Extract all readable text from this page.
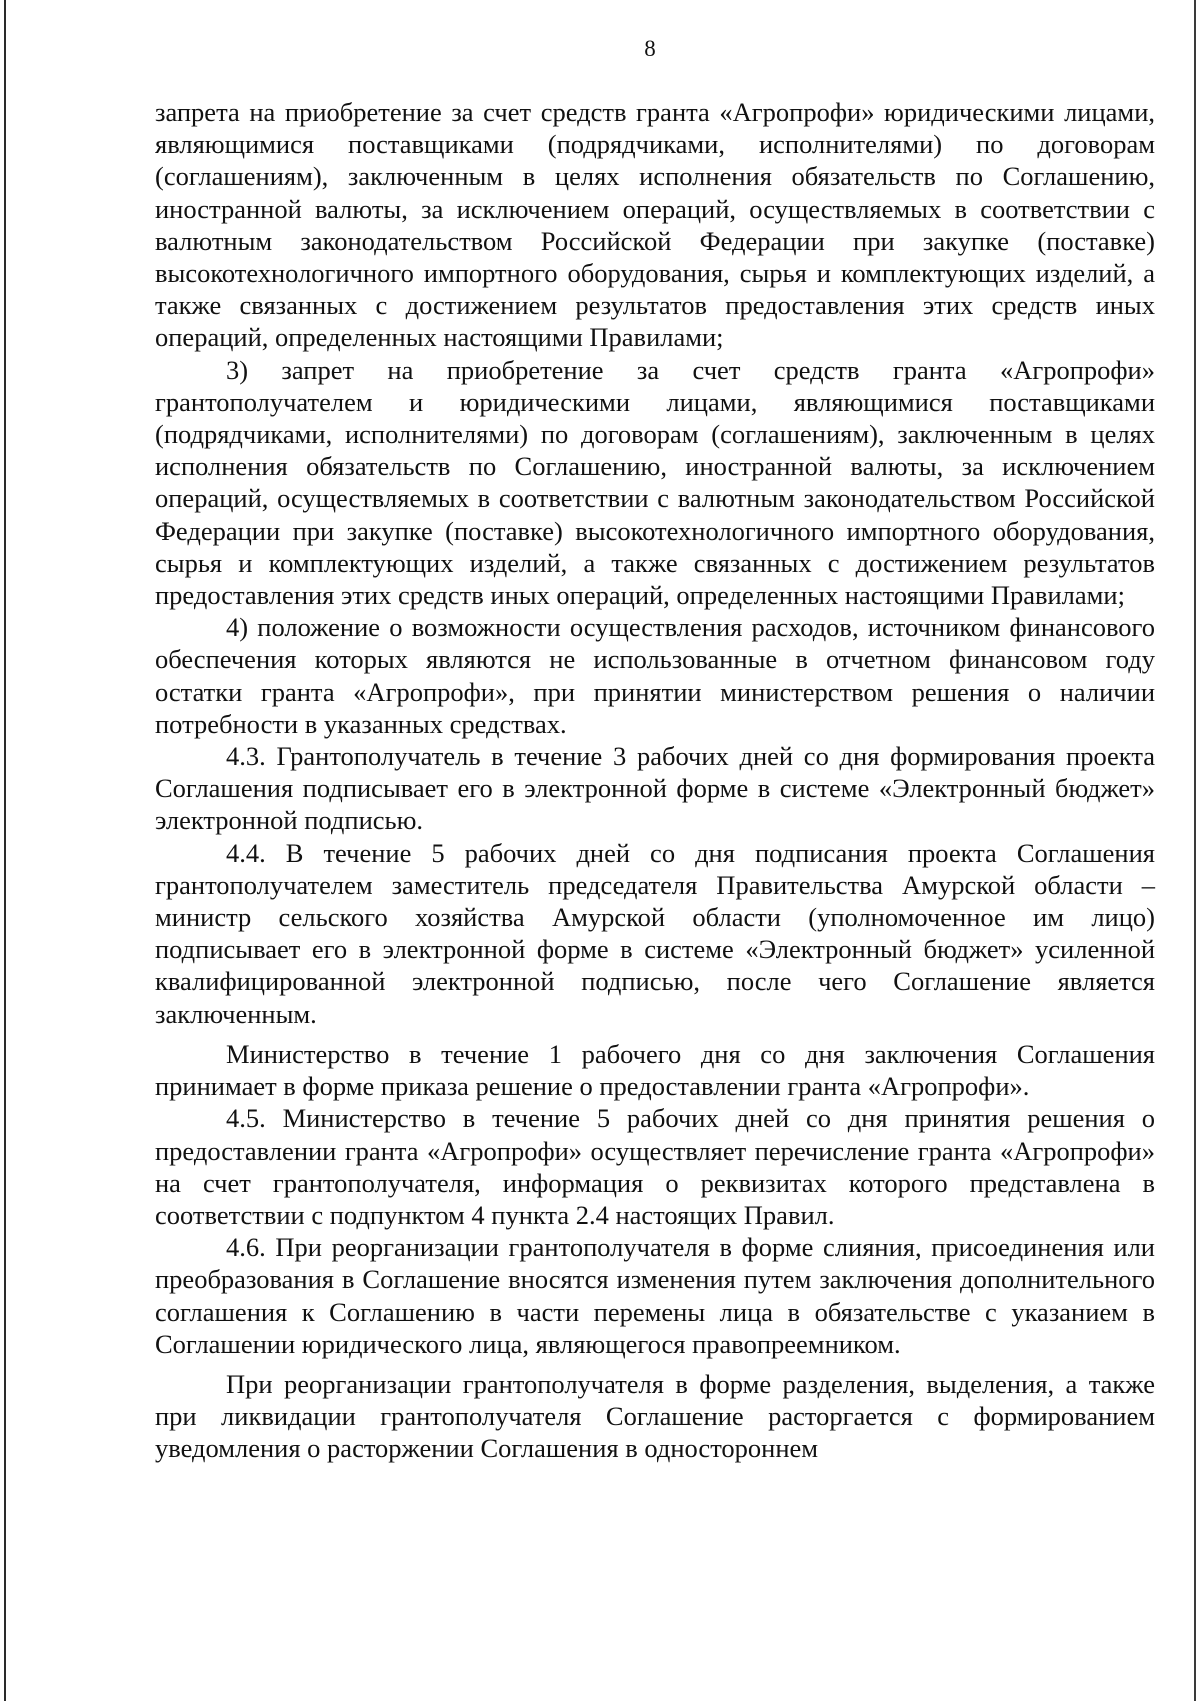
8

запрета на приобретение за счет средств гранта «Агропрофи» юридическими лицами, являющимися поставщиками (подрядчиками, исполнителями) по договорам (соглашениям), заключенным в целях исполнения обязательств по Соглашению, иностранной валюты, за исключением операций, осуществляемых в соответствии с валютным законодательством Российской Федерации при закупке (поставке) высокотехнологичного импортного оборудования, сырья и комплектующих изделий, а также связанных с достижением результатов предоставления этих средств иных операций, определенных настоящими Правилами;

3) запрет на приобретение за счет средств гранта «Агропрофи» грантополучателем и юридическими лицами, являющимися поставщиками (подрядчиками, исполнителями) по договорам (соглашениям), заключенным в целях исполнения обязательств по Соглашению, иностранной валюты, за исключением операций, осуществляемых в соответствии с валютным законодательством Российской Федерации при закупке (поставке) высокотехнологичного импортного оборудования, сырья и комплектующих изделий, а также связанных с достижением результатов предоставления этих средств иных операций, определенных настоящими Правилами;

4) положение о возможности осуществления расходов, источником финансового обеспечения которых являются не использованные в отчетном финансовом году остатки гранта «Агропрофи», при принятии министерством решения о наличии потребности в указанных средствах.

4.3. Грантополучатель в течение 3 рабочих дней со дня формирования проекта Соглашения подписывает его в электронной форме в системе «Электронный бюджет» электронной подписью.

4.4. В течение 5 рабочих дней со дня подписания проекта Соглашения грантополучателем заместитель председателя Правительства Амурской области – министр сельского хозяйства Амурской области (уполномоченное им лицо) подписывает его в электронной форме в системе «Электронный бюджет» усиленной квалифицированной электронной подписью, после чего Соглашение является заключенным.

Министерство в течение 1 рабочего дня со дня заключения Соглашения принимает в форме приказа решение о предоставлении гранта «Агропрофи».

4.5. Министерство в течение 5 рабочих дней со дня принятия решения о предоставлении гранта «Агропрофи» осуществляет перечисление гранта «Агропрофи» на счет грантополучателя, информация о реквизитах которого представлена в соответствии с подпунктом 4 пункта 2.4 настоящих Правил.

4.6. При реорганизации грантополучателя в форме слияния, присоединения или преобразования в Соглашение вносятся изменения путем заключения дополнительного соглашения к Соглашению в части перемены лица в обязательстве с указанием в Соглашении юридического лица, являющегося правопреемником.

При реорганизации грантополучателя в форме разделения, выделения, а также при ликвидации грантополучателя Соглашение расторгается с формированием уведомления о расторжении Соглашения в одностороннем
